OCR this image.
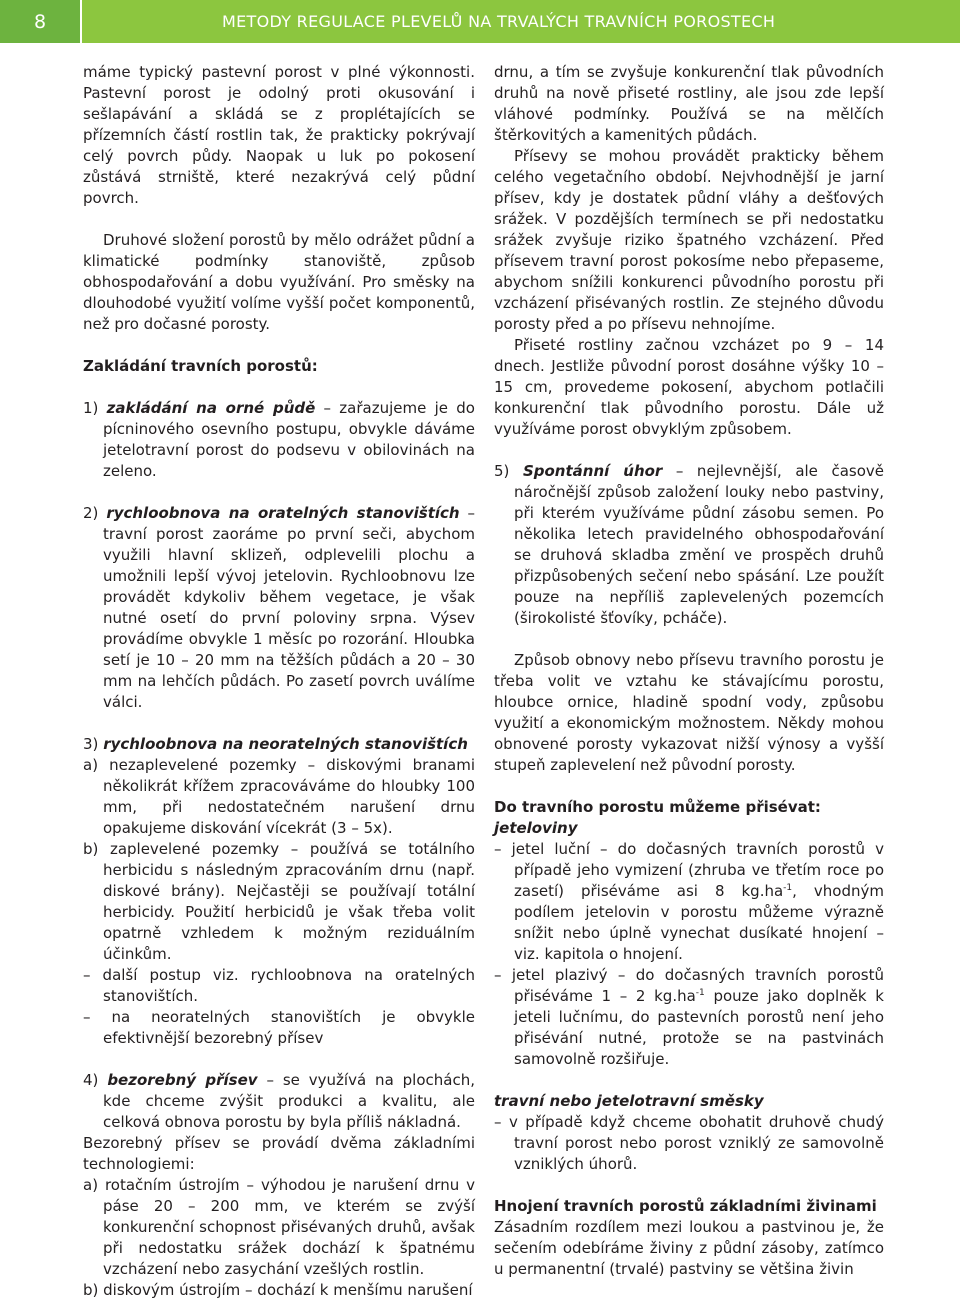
8	METODY REGULACE PLEVELŮ NA TRVALÝCH TRAVNÍCH POROSTECH

máme typický pastevní porost v plné výkonnosti. Pastevní porost je odolný proti okusování i sešlapávání a skládá se z proplétajících se přízemních částí rostlin tak, že prakticky pokrývají celý povrch půdy. Naopak u luk po pokosení zůstává strniště, které nezakrývá celý půdní povrch.

Druhové složení porostů by mělo odrážet půdní a klimatické podmínky stanoviště, způsob obhospodařování a dobu využívání. Pro směsky na dlouhodobé využití volíme vyšší počet komponentů, než pro dočasné porosty.

Zakládání travních porostů:

1) zakládání na orné půdě – zařazujeme je do pícninového osevního postupu, obvykle dáváme jetelotravní porost do podsevu v obilovinách na zeleno.

2) rychloobnova na oratelných stanovištích – travní porost zaoráme po první seči, abychom využili hlavní sklizeň, odplevelili plochu a umožnili lepší vývoj jetelovin. Rychloobnovu lze provádět kdykoliv během vegetace, je však nutné osetí do první poloviny srpna. Výsev provádíme obvykle 1 měsíc po rozorání. Hloubka setí je 10 – 20 mm na těžších půdách a 20 – 30 mm na lehčích půdách. Po zasetí povrch uválíme válci.

3) rychloobnova na neoratelných stanovištích

a) nezaplevelené pozemky – diskovými branami několikrát křížem zpracováváme do hloubky 100 mm, při nedostatečném narušení drnu opakujeme diskování vícekrát (3 – 5x).

b) zaplevelené pozemky – používá se totálního herbicidu s následným zpracováním drnu (např. diskové brány). Nejčastěji se používají totální herbicidy. Použití herbicidů je však třeba volit opatrně vzhledem k možným reziduálním účinkům.

– další postup viz. rychloobnova na oratelných stanovištích.

– na neoratelných stanovištích je obvykle efektivnější bezorebný přísev

4) bezorebný přísev – se využívá na plochách, kde chceme zvýšit produkci a kvalitu, ale celková obnova porostu by byla příliš nákladná.

Bezorebný přísev se provádí dvěma základními technologiemi:

a) rotačním ústrojím – výhodou je narušení drnu v páse 20 – 200 mm, ve kterém se zvýší konkurenční schopnost přisévaných druhů, avšak při nedostatku srážek dochází k špatnému vzcházení nebo zasychání vzešlých rostlin.

b) diskovým ústrojím – dochází k menšímu narušení

drnu, a tím se zvyšuje konkurenční tlak původních druhů na nově přiseté rostliny, ale jsou zde lepší vláhové podmínky. Používá se na mělčích štěrkovitých a kamenitých půdách.

Přísevy se mohou provádět prakticky během celého vegetačního období. Nejvhodnější je jarní přísev, kdy je dostatek půdní vláhy a dešťových srážek. V pozdějších termínech se při nedostatku srážek zvyšuje riziko špatného vzcházení. Před přísevem travní porost pokosíme nebo přepaseme, abychom snížili konkurenci původního porostu při vzcházení přisévaných rostlin. Ze stejného důvodu porosty před a po přísevu nehnojíme.

Přiseté rostliny začnou vzcházet po 9 – 14 dnech. Jestliže původní porost dosáhne výšky 10 – 15 cm, provedeme pokosení, abychom potlačili konkurenční tlak původního porostu. Dále už využíváme porost obvyklým způsobem.

5) Spontánní úhor – nejlevnější, ale časově náročnější způsob založení louky nebo pastviny, při kterém využíváme půdní zásobu semen. Po několika letech pravidelného obhospodařování se druhová skladba změní ve prospěch druhů přizpůsobených sečení nebo spásání. Lze použít pouze na nepříliš zaplevelených pozemcích (širokolisté šťovíky, pcháče).

Způsob obnovy nebo přísevu travního porostu je třeba volit ve vztahu ke stávajícímu porostu, hloubce ornice, hladině spodní vody, způsobu využití a ekonomickým možnostem. Někdy mohou obnovené porosty vykazovat nižší výnosy a vyšší stupeň zaplevelení než původní porosty.

Do travního porostu můžeme přisévat:

jeteloviny

– jetel luční – do dočasných travních porostů v případě jeho vymizení (zhruba ve třetím roce po zasetí) přiséváme asi 8 $kg.ha^{-1}$, vhodným podílem jetelovin v porostu můžeme výrazně snížit nebo úplně vynechat dusíkaté hnojení – viz. kapitola o hnojení.

– jetel plazivý – do dočasných travních porostů přiséváme 1 – 2 $kg.ha^{-1}$ pouze jako doplněk k jeteli lučnímu, do pastevních porostů není jeho přisévání nutné, protože se na pastvinách samovolně rozšiřuje.

travní nebo jetelotravní směsky

– v případě když chceme obohatit druhově chudý travní porost nebo porost vzniklý ze samovolně vzniklých úhorů.

Hnojení travních porostů základními živinami

Zásadním rozdílem mezi loukou a pastvinou je, že sečením odebíráme živiny z půdní zásoby, zatímco u permanentní (trvalé) pastviny se většina živin
